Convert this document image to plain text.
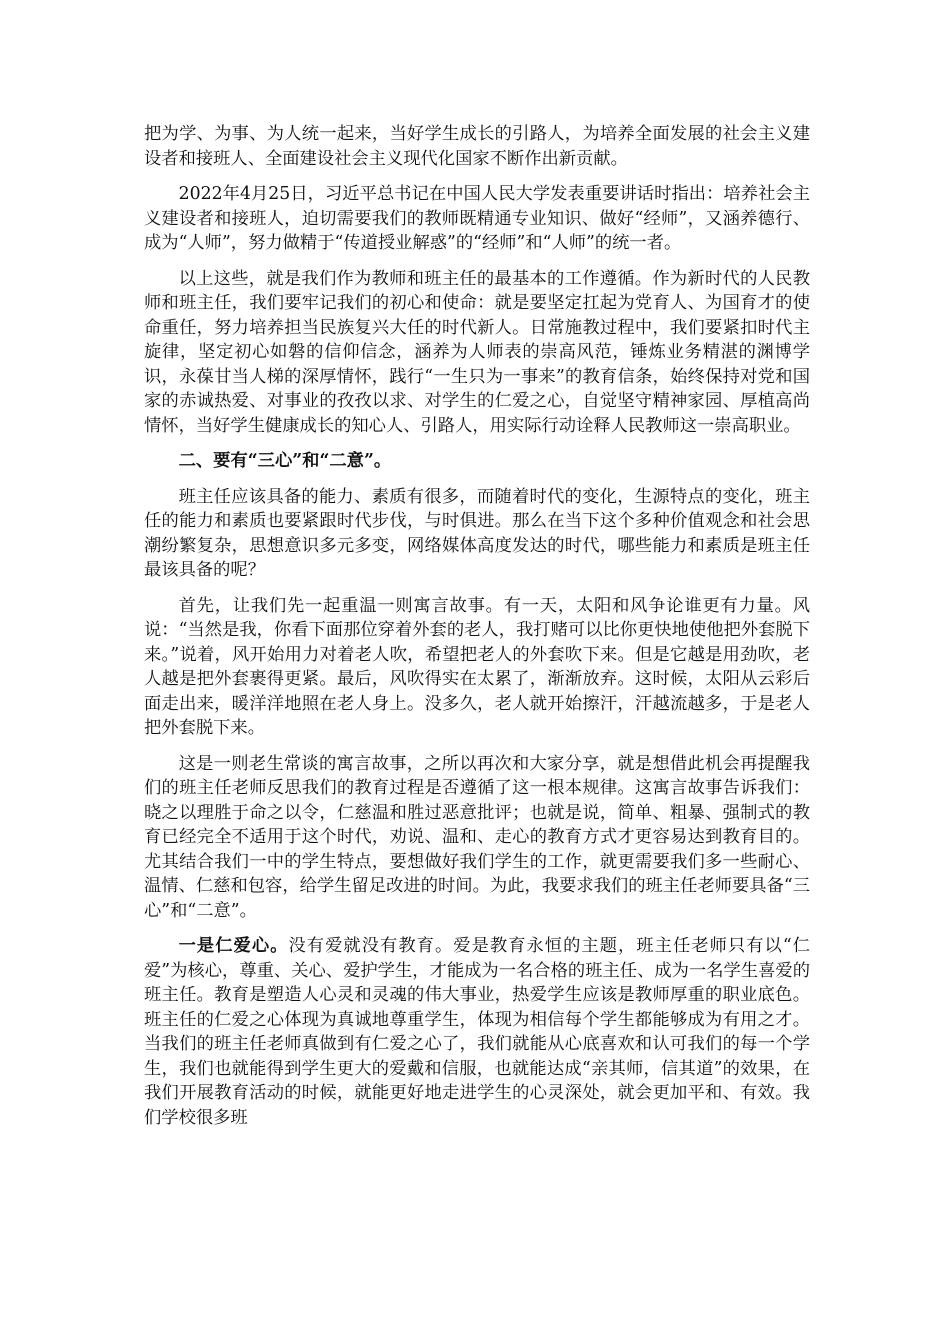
把为学、为事、为人统一起来，当好学生成长的引路人，为培养全面发展的社会主义建设者和接班人、全面建设社会主义现代化国家不断作出新贡献。

2022年4月25日，习近平总书记在中国人民大学发表重要讲话时指出：培养社会主义建设者和接班人，迫切需要我们的教师既精通专业知识、做好“经师”，又涵养德行、成为“人师”，努力做精于“传道授业解惑”的“经师”和“人师”的统一者。

以上这些，就是我们作为教师和班主任的最基本的工作遵循。作为新时代的人民教师和班主任，我们要牢记我们的初心和使命：就是要坚定扛起为党育人、为国育才的使命重任，努力培养担当民族复兴大任的时代新人。日常施教过程中，我们要紧扣时代主旋律，坚定初心如磐的信仰信念，涵养为人师表的崇高风范，锤炼业务精湛的渊博学识，永葆甘当人梯的深厚情怀，践行“一生只为一事来”的教育信条，始终保持对党和国家的赤诚热爱、对事业的孜孜以求、对学生的仁爱之心，自觉坚守精神家园、厚植高尚情怀，当好学生健康成长的知心人、引路人，用实际行动诠释人民教师这一崇高职业。

二、要有“三心”和“二意”。

班主任应该具备的能力、素质有很多，而随着时代的变化，生源特点的变化，班主任的能力和素质也要紧跟时代步伐，与时俱进。那么在当下这个多种价值观念和社会思潮纷繁复杂，思想意识多元多变，网络媒体高度发达的时代，哪些能力和素质是班主任最该具备的呢？

首先，让我们先一起重温一则寓言故事。有一天，太阳和风争论谁更有力量。风说：“当然是我，你看下面那位穿着外套的老人，我打赌可以比你更快地使他把外套脱下来。”说着，风开始用力对着老人吹，希望把老人的外套吹下来。但是它越是用劲吹，老人越是把外套裹得更紧。最后，风吹得实在太累了，渐渐放弃。这时候，太阳从云彩后面走出来，暖洋洋地照在老人身上。没多久，老人就开始擦汗，汗越流越多，于是老人把外套脱下来。

这是一则老生常谈的寓言故事，之所以再次和大家分享，就是想借此机会再提醒我们的班主任老师反思我们的教育过程是否遵循了这一根本规律。这寓言故事告诉我们：晓之以理胜于命之以令，仁慈温和胜过恶意批评；也就是说，简单、粗暴、强制式的教育已经完全不适用于这个时代，劝说、温和、走心的教育方式才更容易达到教育目的。尤其结合我们一中的学生特点，要想做好我们学生的工作，就更需要我们多一些耐心、温情、仁慈和包容，给学生留足改进的时间。为此，我要求我们的班主任老师要具备“三心”和“二意”。

一是仁爱心。没有爱就没有教育。爱是教育永恒的主题，班主任老师只有以“仁爱”为核心，尊重、关心、爱护学生，才能成为一名合格的班主任、成为一名学生喜爱的班主任。教育是塑造人心灵和灵魂的伟大事业，热爱学生应该是教师厚重的职业底色。班主任的仁爱之心体现为真诚地尊重学生，体现为相信每个学生都能够成为有用之才。当我们的班主任老师真做到有仁爱之心了，我们就能从心底喜欢和认可我们的每一个学生，我们也就能得到学生更大的爱戴和信服，也就能达成“亲其师，信其道”的效果，在我们开展教育活动的时候，就能更好地走进学生的心灵深处，就会更加平和、有效。我们学校很多班
